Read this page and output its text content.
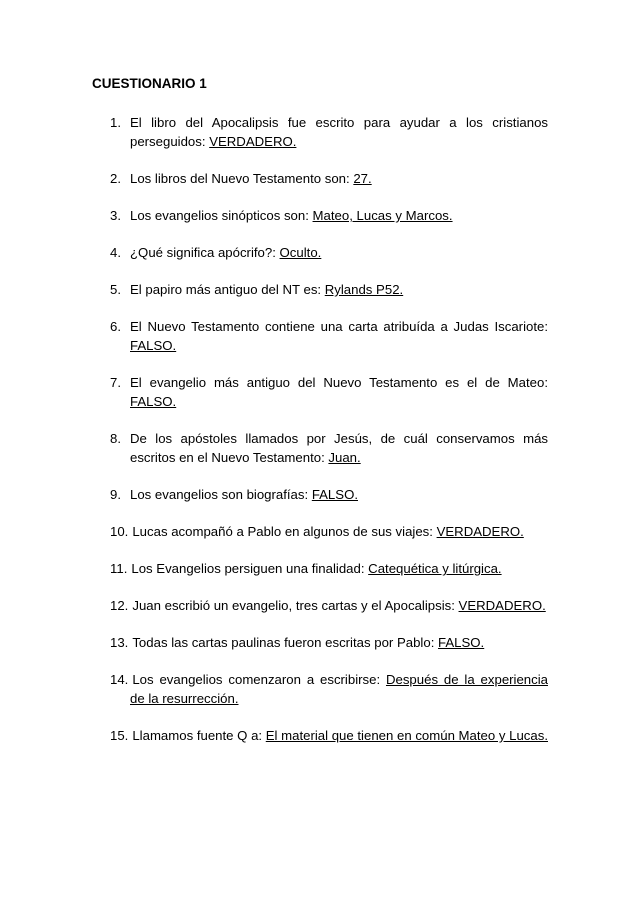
CUESTIONARIO 1
1. El libro del Apocalipsis fue escrito para ayudar a los cristianos perseguidos: VERDADERO.
2. Los libros del Nuevo Testamento son: 27.
3. Los evangelios sinópticos son: Mateo, Lucas y Marcos.
4. ¿Qué significa apócrifo?: Oculto.
5. El papiro más antiguo del NT es: Rylands P52.
6. El Nuevo Testamento contiene una carta atribuída a Judas Iscariote: FALSO.
7. El evangelio más antiguo del Nuevo Testamento es el de Mateo: FALSO.
8. De los apóstoles llamados por Jesús, de cuál conservamos más escritos en el Nuevo Testamento: Juan.
9. Los evangelios son biografías: FALSO.
10. Lucas acompañó a Pablo en algunos de sus viajes: VERDADERO.
11. Los Evangelios persiguen una finalidad: Catequética y litúrgica.
12. Juan escribió un evangelio, tres cartas y el Apocalipsis: VERDADERO.
13. Todas las cartas paulinas fueron escritas por Pablo: FALSO.
14. Los evangelios comenzaron a escribirse: Después de la experiencia de la resurrección.
15. Llamamos fuente Q a: El material que tienen en común Mateo y Lucas.
